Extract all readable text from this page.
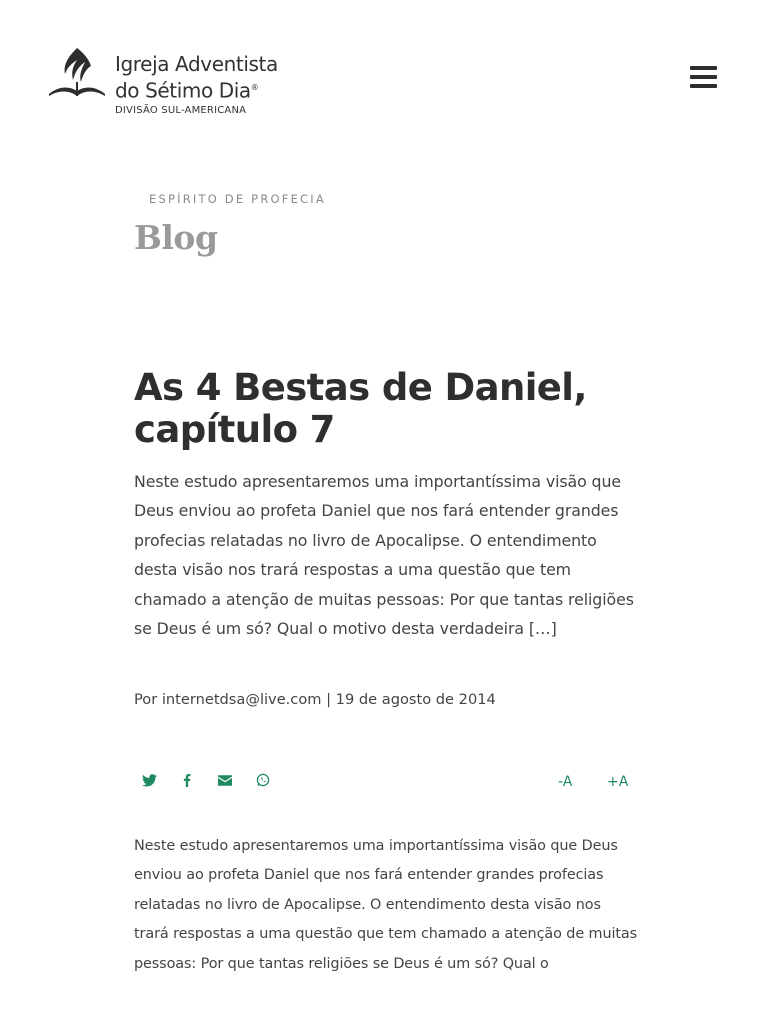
Igreja Adventista
do Sétimo Dia®
DIVISÃO SUL-AMERICANA
ESPÍRITO DE PROFECIA
Blog
As 4 Bestas de Daniel, capítulo 7

Neste estudo apresentaremos uma importantíssima visão que Deus enviou ao profeta Daniel que nos fará entender grandes profecias relatadas no livro de Apocalipse. O entendimento desta visão nos trará respostas a uma questão que tem chamado a atenção de muitas pessoas: Por que tantas religiões se Deus é um só? Qual o motivo desta verdadeira […]

Por internetdsa@live.com | 19 de agosto de 2014
-A +A

Neste estudo apresentaremos uma importantíssima visão que Deus enviou ao profeta Daniel que nos fará entender grandes profecias relatadas no livro de Apocalipse. O entendimento desta visão nos trará respostas a uma questão que tem chamado a atenção de muitas pessoas: Por que tantas religiões se Deus é um só? Qual o
